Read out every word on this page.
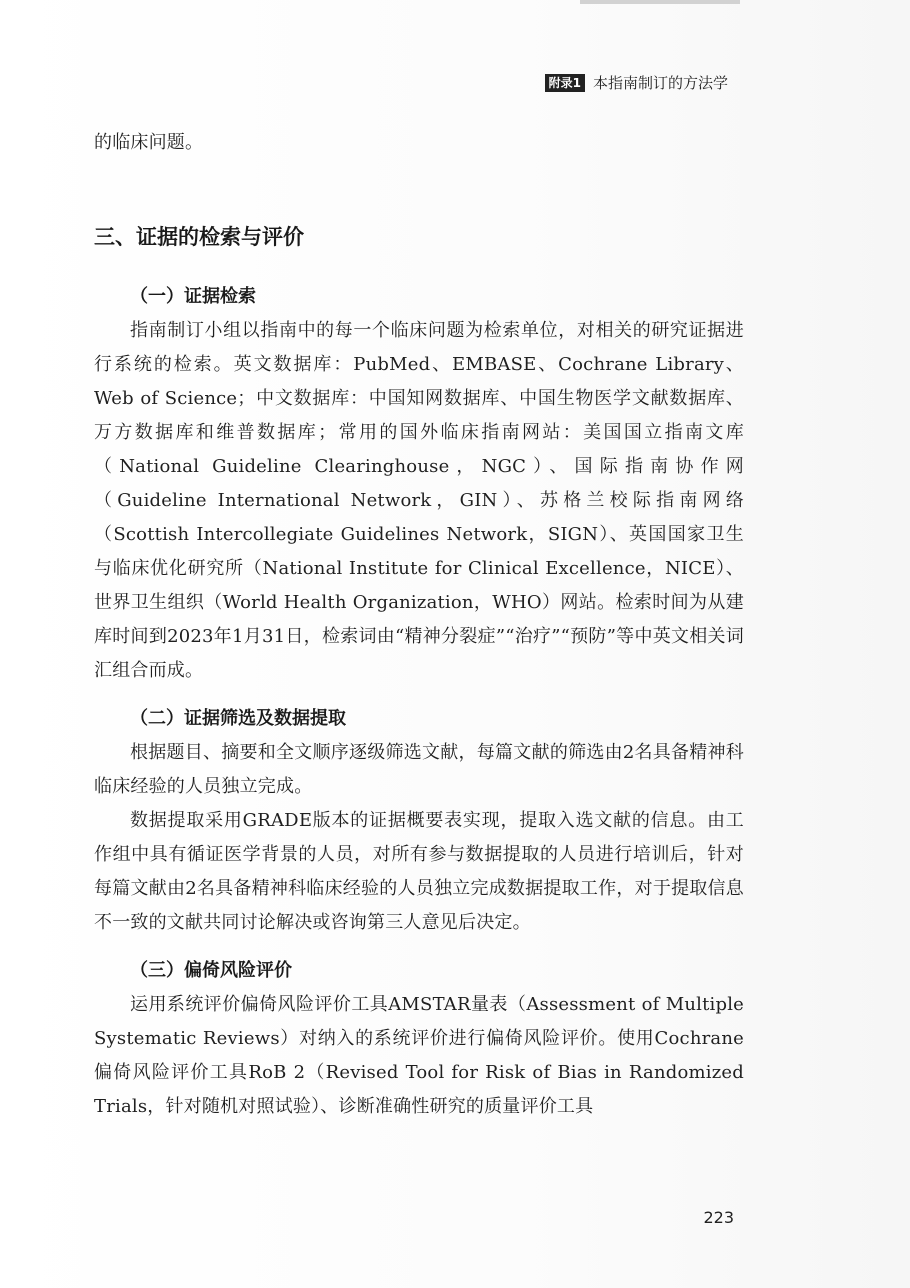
附录1 本指南制订的方法学

的临床问题。

三、证据的检索与评价
（一）证据检索

指南制订小组以指南中的每一个临床问题为检索单位，对相关的研究证据进行系统的检索。英文数据库：PubMed、EMBASE、Cochrane Library、Web of Science；中文数据库：中国知网数据库、中国生物医学文献数据库、万方数据库和维普数据库；常用的国外临床指南网站：美国国立指南文库（National Guideline Clearinghouse，NGC）、国际指南协作网（Guideline International Network，GIN）、苏格兰校际指南网络（Scottish Intercollegiate Guidelines Network，SIGN）、英国国家卫生与临床优化研究所（National Institute for Clinical Excellence，NICE）、世界卫生组织（World Health Organization，WHO）网站。检索时间为从建库时间到2023年1月31日，检索词由“精神分裂症”“治疗”“预防”等中英文相关词汇组合而成。

（二）证据筛选及数据提取

根据题目、摘要和全文顺序逐级筛选文献，每篇文献的筛选由2名具备精神科临床经验的人员独立完成。

数据提取采用GRADE版本的证据概要表实现，提取入选文献的信息。由工作组中具有循证医学背景的人员，对所有参与数据提取的人员进行培训后，针对每篇文献由2名具备精神科临床经验的人员独立完成数据提取工作，对于提取信息不一致的文献共同讨论解决或咨询第三人意见后决定。

（三）偏倚风险评价

运用系统评价偏倚风险评价工具AMSTAR量表（Assessment of Multiple Systematic Reviews）对纳入的系统评价进行偏倚风险评价。使用Cochrane偏倚风险评价工具RoB 2（Revised Tool for Risk of Bias in Randomized Trials，针对随机对照试验）、诊断准确性研究的质量评价工具

223
